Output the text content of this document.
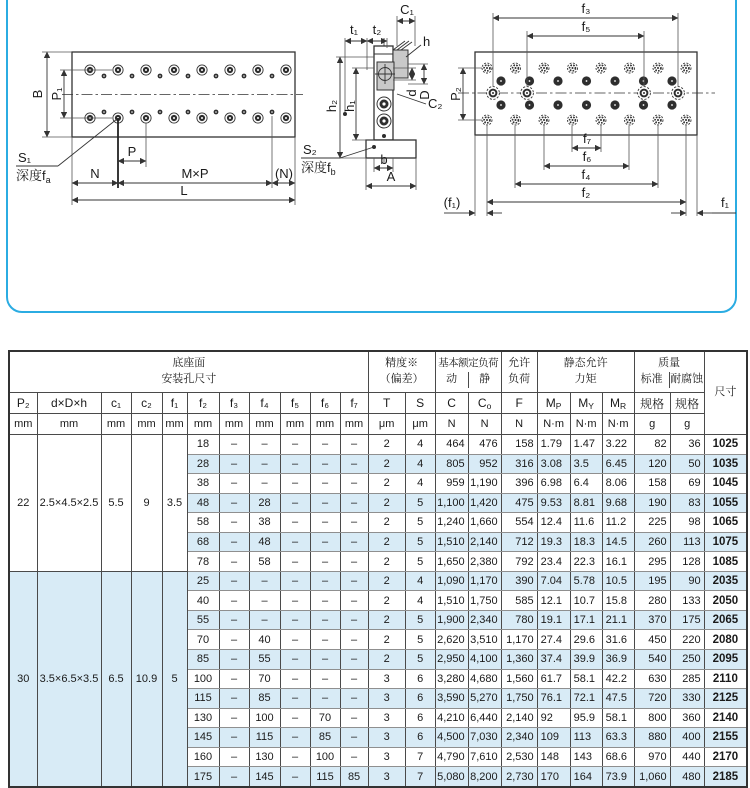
B P₁
P
N	M×P	(N)
L
S₁
深度$f_a$
t₁ t₂
C₁
h
h₂ h₁
d
D
C₂
S₂
深度$f_b$
b
A
f₃
f₅
P₂
f₇
f₆
f₄
f₂
(f₁)	f₁
底座面
安装孔尺寸

精度※
（偏差）

基本额定负荷
动	静

允许
负荷

静态允许
力矩

质量
标准 耐腐蚀
	尺寸
P₂	d×D×h	c₁	c₂	f₁	f₂	f₃	f₄	f₅	f₆	f₇	T	S	C	Co	F	MP	MY	MR	规格	规格	
mm	mm	mm	mm	mm	mm	mm	mm	mm	mm	mm	μm	μm	N	N	N	N·m	N·m	N·m	g	g	
22	2.5×4.5×2.5	5.5	9	3.5	18	–	–	–	–	–	2	4	464	476	158	1.79	1.47	3.22	82	36	1025
					28	–	–	–	–	–	2	4	805	952	316	3.08	3.5	6.45	120	50	1035
					38	–	–	–	–	–	2	4	959	1,190	396	6.98	6.4	8.06	158	69	1045
					48	–	28	–	–	–	2	5	1,100	1,420	475	9.53	8.81	9.68	190	83	1055
					58	–	38	–	–	–	2	5	1,240	1,660	554	12.4	11.6	11.2	225	98	1065
					68	–	48	–	–	–	2	5	1,510	2,140	712	19.3	18.3	14.5	260	113	1075
					78	–	58	–	–	–	2	5	1,650	2,380	792	23.4	22.3	16.1	295	128	1085
30	3.5×6.5×3.5	6.5	10.9	5	25	–	–	–	–	–	2	4	1,090	1,170	390	7.04	5.78	10.5	195	90	2035
					40	–	–	–	–	–	2	4	1,510	1,750	585	12.1	10.7	15.8	280	133	2050
					55	–	–	–	–	–	2	5	1,900	2,340	780	19.1	17.1	21.1	370	175	2065
					70	–	40	–	–	–	2	5	2,620	3,510	1,170	27.4	29.6	31.6	450	220	2080
					85	–	55	–	–	–	2	5	2,950	4,100	1,360	37.4	39.9	36.9	540	250	2095
					100	–	70	–	–	–	3	6	3,280	4,680	1,560	61.7	58.1	42.2	630	285	2110
					115	–	85	–	–	–	3	6	3,590	5,270	1,750	76.1	72.1	47.5	720	330	2125
					130	–	100	–	70	–	3	6	4,210	6,440	2,140	92	95.9	58.1	800	360	2140
					145	–	115	–	85	–	3	6	4,500	7,030	2,340	109	113	63.3	880	400	2155
					160	–	130	–	100	–	3	7	4,790	7,610	2,530	148	143	68.6	970	440	2170
					175	–	145	–	115	85	3	7	5,080	8,200	2,730	170	164	73.9	1,060	480	2185
